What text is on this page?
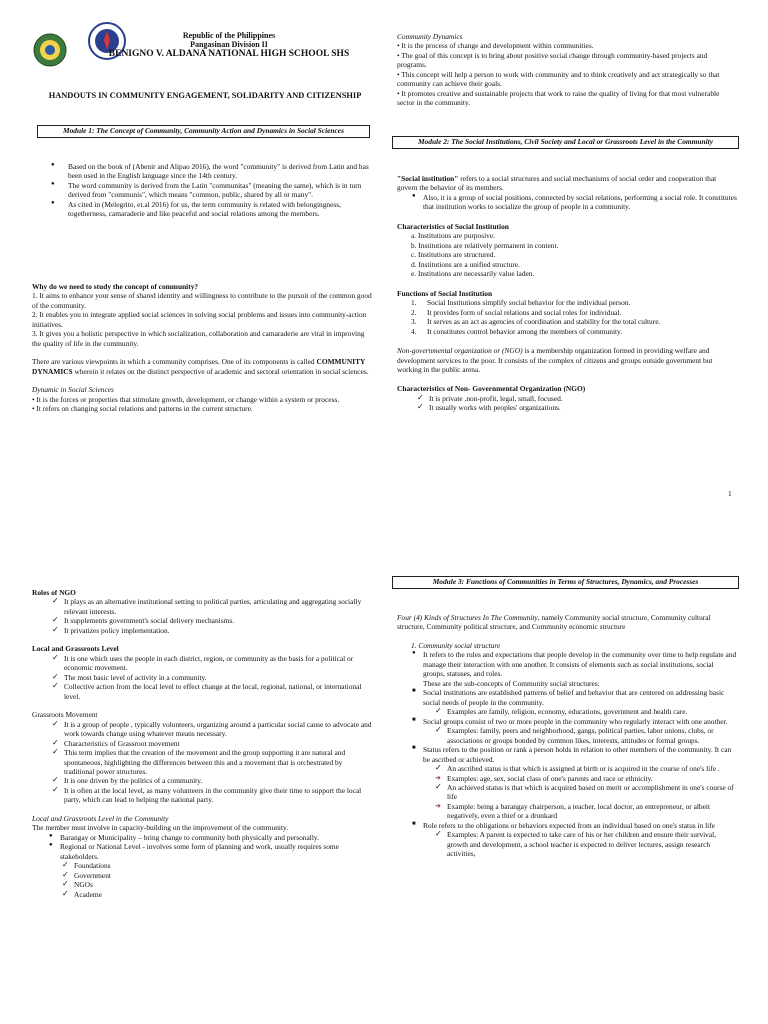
Republic of the Philippines

Pangasinan Division II

BENIGNO V. ALDANA NATIONAL HIGH SCHOOL SHS

HANDOUTS IN COMMUNITY ENGAGEMENT, SOLIDARITY AND CITIZENSHIP

Module 1: The Concept of Community, Community Action and Dynamics in Social Sciences
● Based on the book of (Abenir and Alipao 2016), the word "community" is derived from Latin and has been used in the English language since the 14th century.
● The word community is derived from the Latin "communitas" (meaning the same), which is in turn derived from "communis", which means "common, public, shared by all or many".
● As cited in (Melegrito, et.al 2016) for us, the term community is related with belongingness, togetherness, camaraderie and like peaceful and social relations among the members.

Why do we need to study the concept of community?

1. It aims to enhance your sense of shared identity and willingness to contribute to the pursuit of the common good of the community.

2. It enables you to integrate applied social sciences in solving social problems and issues into community-action initiatives.

3. It gives you a holistic perspective in which socialization, collaboration and camaraderie are vital in improving the quality of life in the community.

There are various viewpoints in which a community comprises. One of its components is called COMMUNITY DYNAMICS wherein it relates on the distinct perspective of academic and sectoral orientation in social sciences.

Dynamic in Social Sciences

• It is the forces or properties that stimulate growth, development, or change within a system or process.

• It refers on changing social relations and patterns in the current structure.

Community Dynamics

• It is the process of change and development within communities.

• The goal of this concept is to bring about positive social change through community-based projects and programs.

• This concept will help a person to work with community and to think creatively and act strategically so that community can achieve their goals.

• It promotes creative and sustainable projects that work to raise the quality of living for that most vulnerable sector in the community.

Module 2: The Social Institutions, Civil Society and Local or Grassroots Level in the Community

"Social institution" refers to a social structures and social mechanisms of social order and cooperation that govern the behavior of its members.

● Also, it is a group of social positions, connected by social relations, performing a social role. It constitutes that institution works to socialize the group of people in a community.

Characteristics of Social Institution

a. Institutions are purposive.

b. Institutions are relatively permanent in content.

c. Institutions are structured.

d. Institutions are a unified structure.

e. Institutions are necessarily value laden.

Functions of Social Institution

1. Social Institutions simplify social behavior for the individual person.
2. It provides form of social relations and social roles for individual.
3. It serves as an act as agencies of coordination and stability for the total culture.
4. It constitutes control behavior among the members of community.

Non-governmental organization or (NGO) is a membership organization formed in providing welfare and development services to the poor. It consists of the complex of citizens and groups outside government but working in the public arena.

Characteristics of Non- Governmental Organization (NGO)

✓ It is private ,non-profit, legal, small, focused.
✓ It usually works with peoples' organizations.
1

Roles of NGO

✓ It plays as an alternative institutional setting to political parties, articulating and aggregating socially relevant interests.
✓ It supplements government's social delivery mechanisms.
✓ It privatizes policy implementation.

Local and Grassroots Level

✓ It is one which uses the people in each district, region, or community as the basis for a political or economic movement.
✓ The most basic level of activity in a community.
✓ Collective action from the local level to effect change at the local, regional, national, or international level.

Grassroots Movement

✓ It is a group of people , typically volunteers, organizing around a particular social cause to advocate and work towards change using whatever means necessary.
✓ Characteristics of Grassroot movement
✓ This term implies that the creation of the movement and the group supporting it are natural and spontaneous, highlighting the differences between this and a movement that is orchestrated by traditional power structures.
✓ It is one driven by the politics of a community.
✓ It is often at the local level, as many volunteers in the community give their time to support the local party, which can lead to helping the national party.

Local and Grassroots Level in the Community

The member must involve in capacity-building on the improvement of the community.

● Barangay or Municipality – bring change to community both physically and personally.
● Regional or National Level - involves some form of planning and work, usually requires some stakeholders.
✓ Foundations
✓ Government
✓ NGOs
✓ Academe
Module 3: Functions of Communities in Terms of Structures, Dynamics, and Processes

Four (4) Kinds of Structures In The Community, namely Community social structure, Community cultural structure, Community political structure, and Community economic structure

1. Community social structure

● It refers to the rules and expectations that people develop in the community over time to help regulate and manage their interaction with one another. It consists of elements such as social institutions, social groups, statuses, and roles.

These are the sub-concepts of Community social structures:

■ Social institutions are established patterns of belief and behavior that are centered on addressing basic social needs of people in the community.
✓ Examples are family, religion, economy, educations, government and health care.
■ Social groups consist of two or more people in the community who regularly interact with one another.
✓ Examples: family, peers and neighborhood, gangs, political parties, labor unions, clubs, or associations or groups bonded by common likes, interests, attitudes or formal groups.
■ Status refers to the position or rank a person holds in relation to other members of the community. It can be ascribed or achieved.
✓ An ascribed status is that which is assigned at birth or is acquired in the course of one's life .
➔ Examples: age, sex, social class of one's parents and race or ethnicity.
✓ An achieved status is that which is acquired based on merit or accomplishment in one's course of life
➔ Example: being a barangay chairperson, a teacher, local doctor, an entrepreneur, or albeit negatively, even a thief or a drunkard
■ Role refers to the obligations or behaviors expected from an individual based on one's status in life
✓ Examples: A parent is expected to take care of his or her children and ensure their survival, growth and development, a school teacher is expected to deliver lectures, assign research activities,
